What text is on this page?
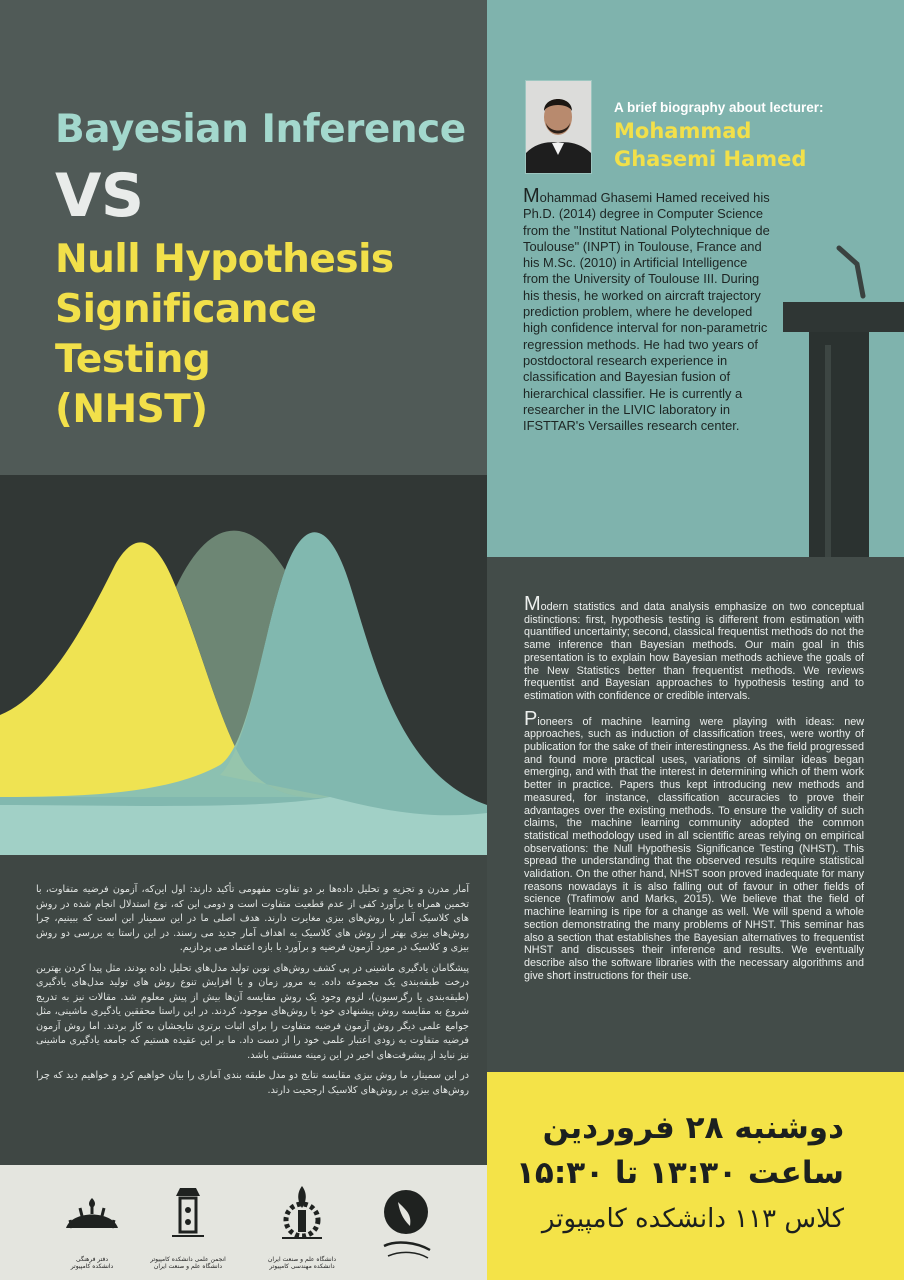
Bayesian Inference

VS

Null Hypothesis

Significance Testing

(NHST)

آمار مدرن و تجزیه و تحلیل داده‌ها بر دو تفاوت مفهومی تأکید دارند: اول این‌که، آزمون فرضیه متفاوت، با تخمین همراه با برآورد کفی از عدم قطعیت متفاوت است و دومی این که، نوع استدلال انجام شده در روش های کلاسیک آمار با روش‌های بیزی مغایرت دارند. هدف اصلی ما در این سمینار این است که ببینیم، چرا روش‌های بیزی بهتر از روش های کلاسیک به اهداف آمار جدید می رسند. در این راستا به بررسی دو روش بیزی و کلاسیک در مورد آزمون فرضیه و برآورد با بازه اعتماد می پردازیم.

پیشگامان یادگیری ماشینی در پی کشف روش‌های نوین تولید مدل‌های تحلیل داده بودند، مثل پیدا کردن بهترین درخت طبقه‌بندی یک مجموعه داده. به مرور زمان و با افزایش تنوع روش های تولید مدل‌های یادگیری (طبقه‌بندی یا رگرسیون)، لزوم وجود یک روش مقایسه آن‌ها بیش از پیش معلوم شد. مقالات نیز به تدریج شروع به مقایسه روش پیشنهادی خود با روش‌های موجود، کردند. در این راستا محققین یادگیری ماشینی، مثل جوامع علمی دیگر روش آزمون فرضیه متفاوت را برای اثبات برتری نتایجشان به کار بردند. اما روش آزمون فرضیه متفاوت به زودی اعتبار علمی خود را از دست داد. ما بر این عقیده هستیم که جامعه یادگیری ماشینی نیز نباید از پیشرفت‌های اخیر در این زمینه مستثنی باشد.

در این سمینار، ما روش بیزی مقایسه نتایج دو مدل طبقه بندی آماری را بیان خواهیم کرد و خواهیم دید که چرا روش‌های بیزی بر روش‌های کلاسیک ارجحیت دارند.

دانشگاه علم و صنعت ایران
دانشکده مهندسی کامپیوتر
انجمن علمی دانشکده کامپیوتر
دانشگاه علم و صنعت ایران
دفتر فرهنگی
دانشکده کامپیوتر
A brief biography about lecturer:
Mohammad
Ghasemi Hamed
Mohammad Ghasemi Hamed received his Ph.D. (2014) degree in Computer Science from the "Institut National Polytechnique de Toulouse" (INPT) in Toulouse, France and his M.Sc. (2010) in Artificial Intelligence from the University of Toulouse III. During his thesis, he worked on aircraft trajectory prediction problem, where he developed high confidence interval for non-parametric regression methods. He had two years of postdoctoral research experience in classification and Bayesian fusion of hierarchical classifier. He is currently a researcher in the LIVIC laboratory in IFSTTAR's Versailles research center.

Modern statistics and data analysis emphasize on two conceptual distinctions: first, hypothesis testing is different from estimation with quantified uncertainty; second, classical frequentist methods do not the same inference than Bayesian methods. Our main goal in this presentation is to explain how Bayesian methods achieve the goals of the New Statistics better than frequentist methods. We reviews frequentist and Bayesian approaches to hypothesis testing and to estimation with confidence or credible intervals.

Pioneers of machine learning were playing with ideas: new approaches, such as induction of classification trees, were worthy of publication for the sake of their interestingness. As the field progressed and found more practical uses, variations of similar ideas began emerging, and with that the interest in determining which of them work better in practice. Papers thus kept introducing new methods and measured, for instance, classification accuracies to prove their advantages over the existing methods. To ensure the validity of such claims, the machine learning community adopted the common statistical methodology used in all scientific areas relying on empirical observations: the Null Hypothesis Significance Testing (NHST). This spread the understanding that the observed results require statistical validation. On the other hand, NHST soon proved inadequate for many reasons nowadays it is also falling out of favour in other fields of science (Trafimow and Marks, 2015). We believe that the field of machine learning is ripe for a change as well. We will spend a whole section demonstrating the many problems of NHST. This seminar has also a section that establishes the Bayesian alternatives to frequentist NHST and discusses their inference and results. We eventually describe also the software libraries with the necessary algorithms and give short instructions for their use.

دوشنبه ۲۸ فروردین
ساعت ۱۳:۳۰ تا ۱۵:۳۰
کلاس ۱۱۳ دانشکده کامپیوتر
